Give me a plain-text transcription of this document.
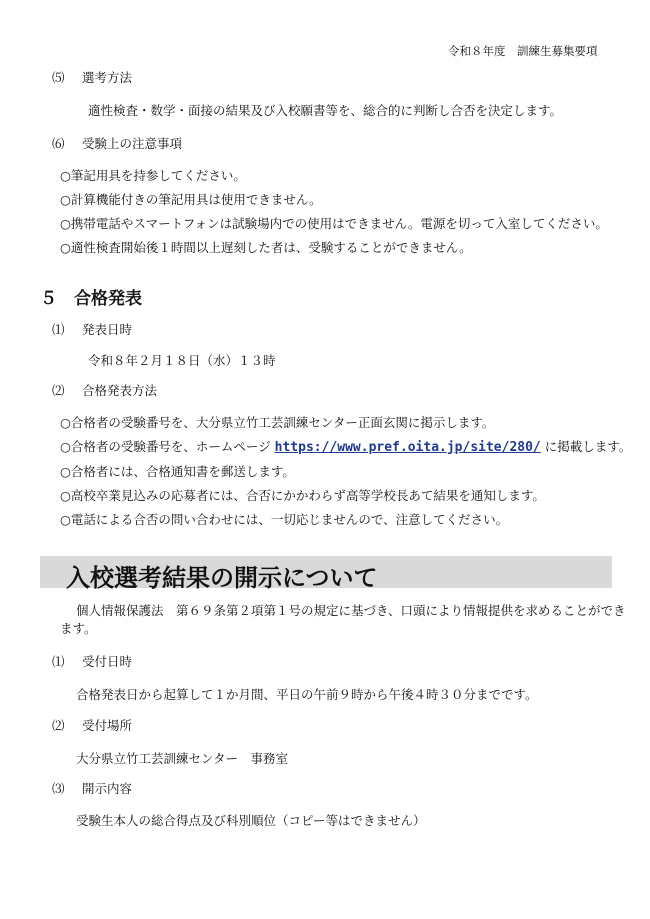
令和８年度　訓練生募集要項
⑸ 選考方法
適性検査・数学・面接の結果及び入校願書等を、総合的に判断し合否を決定します。
⑹ 受験上の注意事項
○筆記用具を持参してください。
○計算機能付きの筆記用具は使用できません。
○携帯電話やスマートフォンは試験場内での使用はできません。電源を切って入室してください。
○適性検査開始後１時間以上遅刻した者は、受験することができません。
５　合格発表
⑴ 発表日時
令和８年２月１８日（水）１３時
⑵ 合格発表方法
○合格者の受験番号を、大分県立竹工芸訓練センター正面玄関に掲示します。
○合格者の受験番号を、ホームページ https://www.pref.oita.jp/site/280/ に掲載します。
○合格者には、合格通知書を郵送します。
○高校卒業見込みの応募者には、合否にかかわらず高等学校長あて結果を通知します。
○電話による合否の問い合わせには、一切応じませんので、注意してください。
入校選考結果の開示について
個人情報保護法　第６９条第２項第１号の規定に基づき、口頭により情報提供を求めることができ
ます。
⑴ 受付日時
合格発表日から起算して１か月間、平日の午前９時から午後４時３０分までです。
⑵ 受付場所
大分県立竹工芸訓練センター　事務室
⑶ 開示内容
受験生本人の総合得点及び科別順位（コピー等はできません）
